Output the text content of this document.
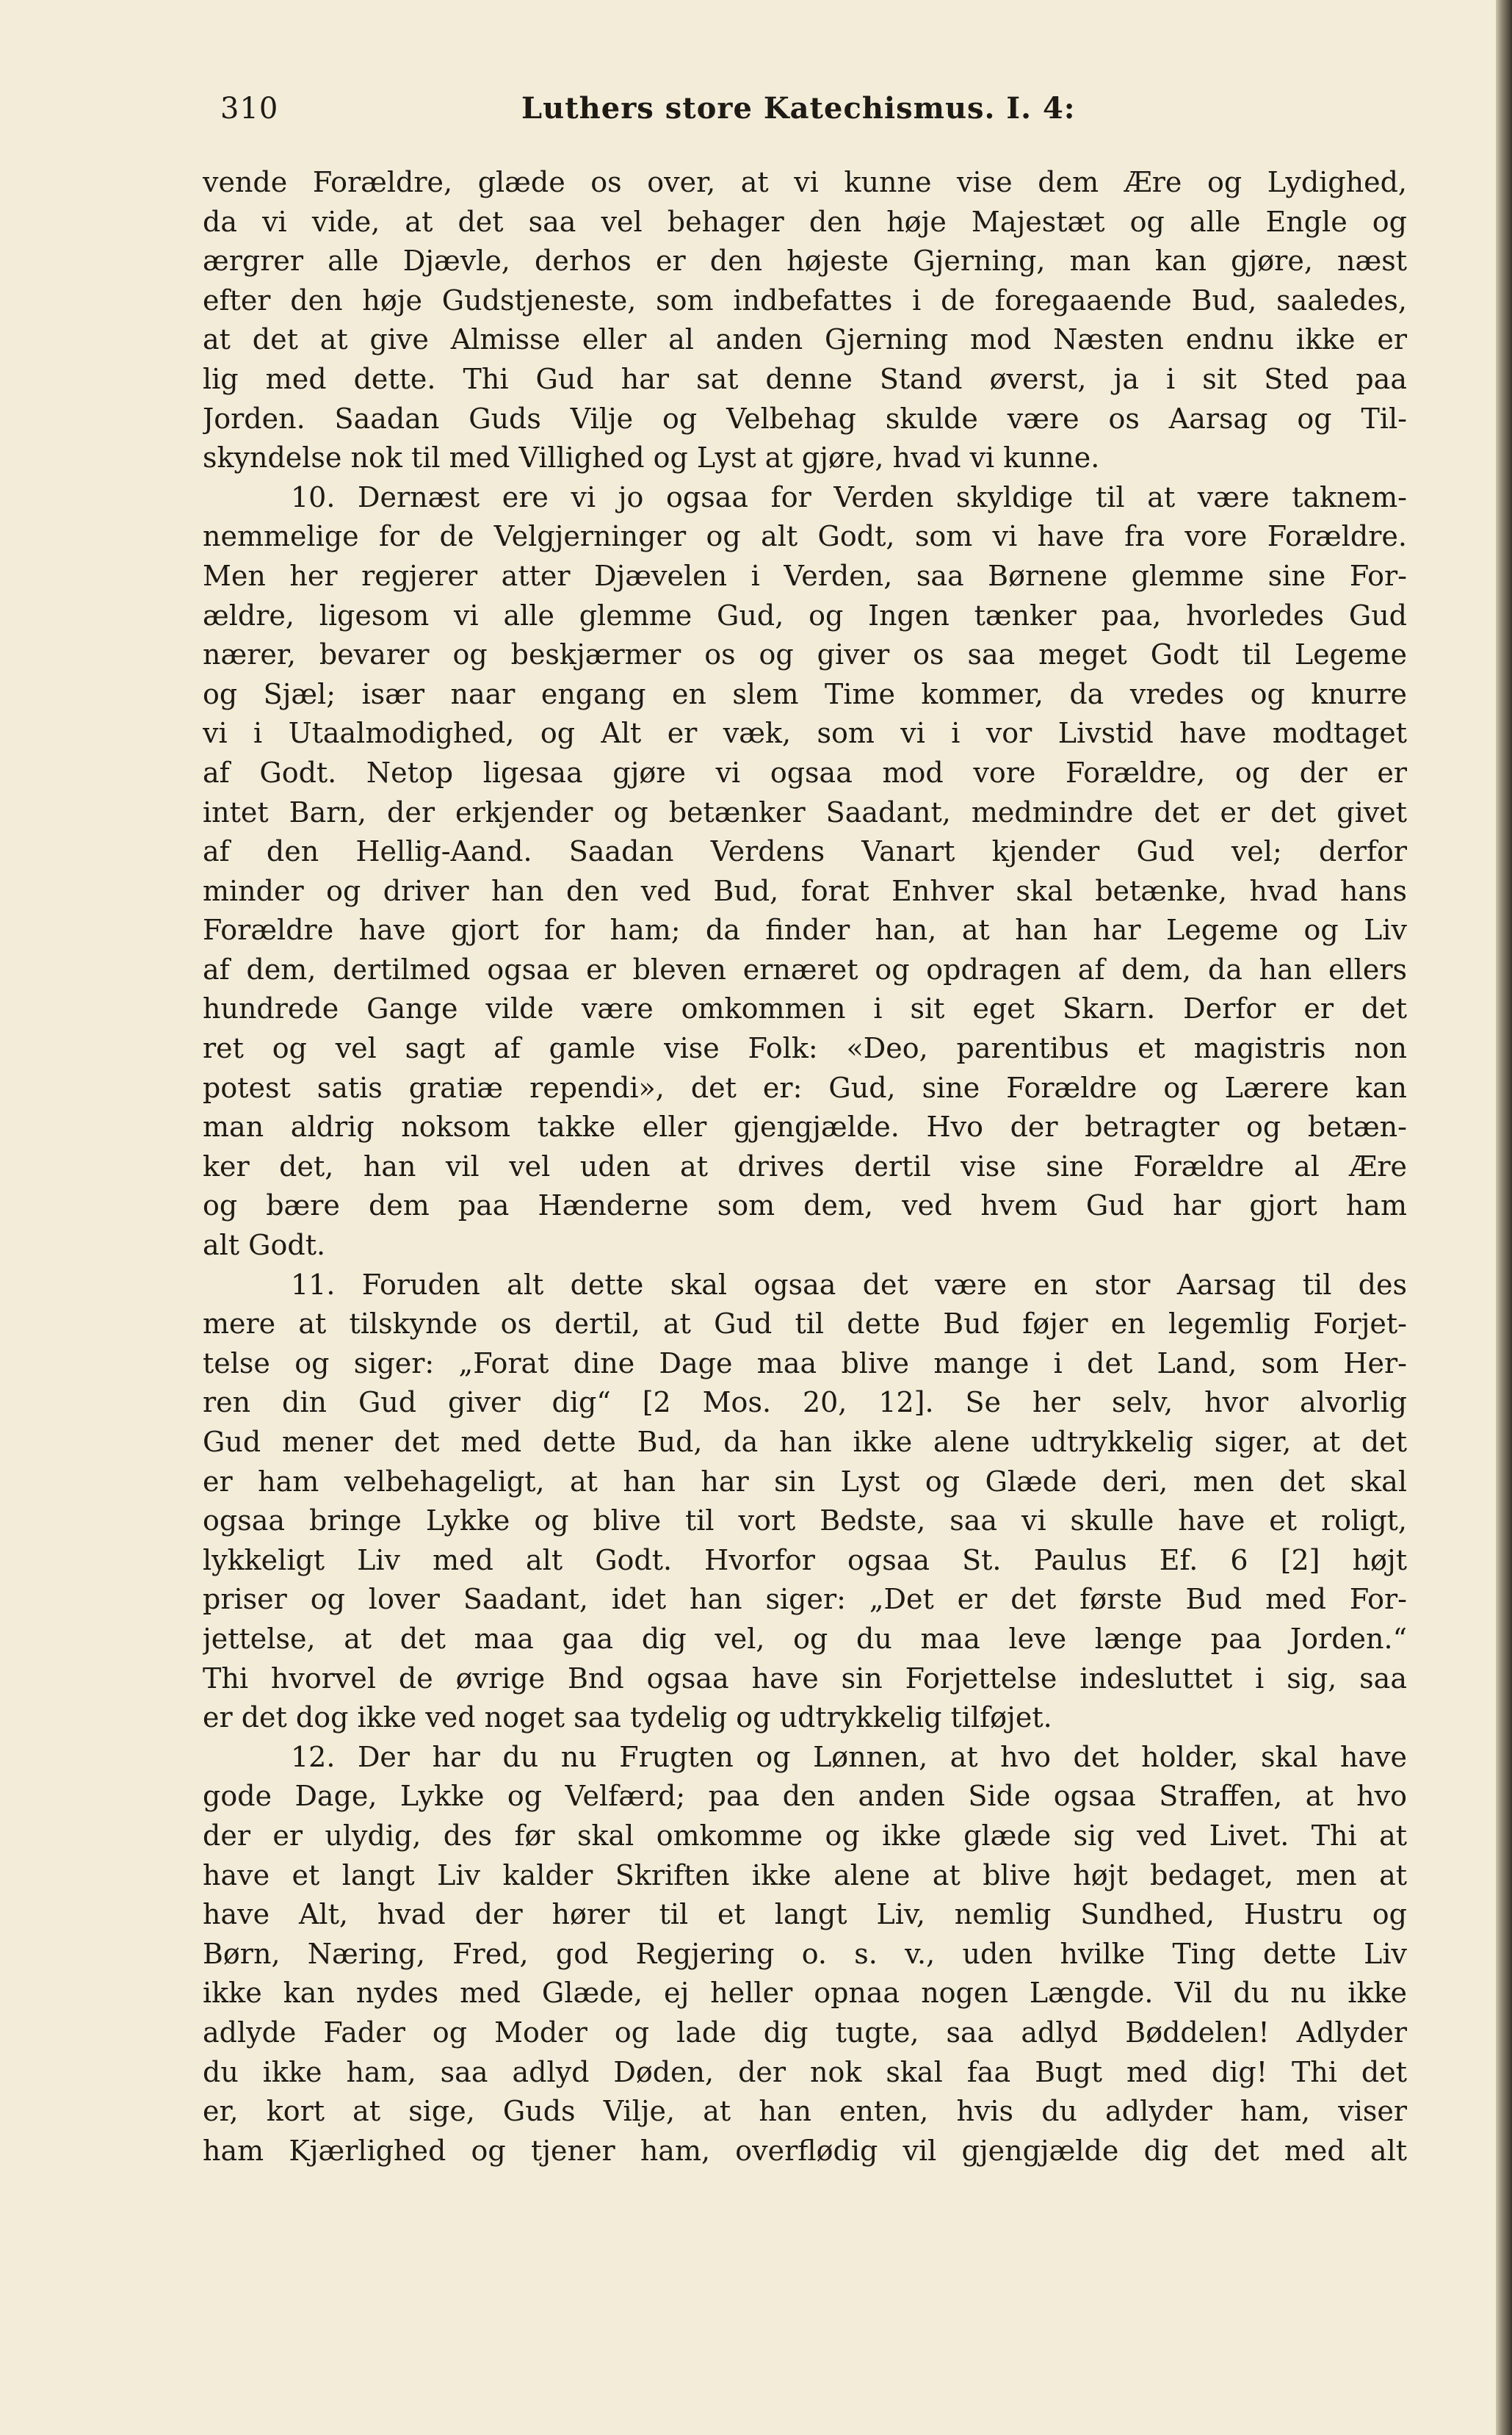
310	Luthers store Katechismus. I. 4:
vende Forældre, glæde os over, at vi kunne vise dem Ære og Lydighed,
da vi vide, at det saa vel behager den høje Majestæt og alle Engle og
ærgrer alle Djævle, derhos er den højeste Gjerning, man kan gjøre, næst
efter den høje Gudstjeneste, som indbefattes i de foregaaende Bud, saaledes,
at det at give Almisse eller al anden Gjerning mod Næsten endnu ikke er
lig med dette. Thi Gud har sat denne Stand øverst, ja i sit Sted paa
Jorden. Saadan Guds Vilje og Velbehag skulde være os Aarsag og Til-
skyndelse nok til med Villighed og Lyst at gjøre, hvad vi kunne.
10. Dernæst ere vi jo ogsaa for Verden skyldige til at være taknem-
nemmelige for de Velgjerninger og alt Godt, som vi have fra vore Forældre.
Men her regjerer atter Djævelen i Verden, saa Børnene glemme sine For-
ældre, ligesom vi alle glemme Gud, og Ingen tænker paa, hvorledes Gud
nærer, bevarer og beskjærmer os og giver os saa meget Godt til Legeme
og Sjæl; især naar engang en slem Time kommer, da vredes og knurre
vi i Utaalmodighed, og Alt er væk, som vi i vor Livstid have modtaget
af Godt. Netop ligesaa gjøre vi ogsaa mod vore Forældre, og der er
intet Barn, der erkjender og betænker Saadant, medmindre det er det givet
af den Hellig-Aand. Saadan Verdens Vanart kjender Gud vel; derfor
minder og driver han den ved Bud, forat Enhver skal betænke, hvad hans
Forældre have gjort for ham; da finder han, at han har Legeme og Liv
af dem, dertilmed ogsaa er bleven ernæret og opdragen af dem, da han ellers
hundrede Gange vilde være omkommen i sit eget Skarn. Derfor er det
ret og vel sagt af gamle vise Folk: «Deo, parentibus et magistris non
potest satis gratiæ rependi», det er: Gud, sine Forældre og Lærere kan
man aldrig noksom takke eller gjengjælde. Hvo der betragter og betæn-
ker det, han vil vel uden at drives dertil vise sine Forældre al Ære
og bære dem paa Hænderne som dem, ved hvem Gud har gjort ham
alt Godt.
11. Foruden alt dette skal ogsaa det være en stor Aarsag til des
mere at tilskynde os dertil, at Gud til dette Bud føjer en legemlig Forjet-
telse og siger: „Forat dine Dage maa blive mange i det Land, som Her-
ren din Gud giver dig“ [2 Mos. 20, 12]. Se her selv, hvor alvorlig
Gud mener det med dette Bud, da han ikke alene udtrykkelig siger, at det
er ham velbehageligt, at han har sin Lyst og Glæde deri, men det skal
ogsaa bringe Lykke og blive til vort Bedste, saa vi skulle have et roligt,
lykkeligt Liv med alt Godt. Hvorfor ogsaa St. Paulus Ef. 6 [2] højt
priser og lover Saadant, idet han siger: „Det er det første Bud med For-
jettelse, at det maa gaa dig vel, og du maa leve længe paa Jorden.“
Thi hvorvel de øvrige Bnd ogsaa have sin Forjettelse indesluttet i sig, saa
er det dog ikke ved noget saa tydelig og udtrykkelig tilføjet.
12. Der har du nu Frugten og Lønnen, at hvo det holder, skal have
gode Dage, Lykke og Velfærd; paa den anden Side ogsaa Straffen, at hvo
der er ulydig, des før skal omkomme og ikke glæde sig ved Livet. Thi at
have et langt Liv kalder Skriften ikke alene at blive højt bedaget, men at
have Alt, hvad der hører til et langt Liv, nemlig Sundhed, Hustru og
Børn, Næring, Fred, god Regjering o. s. v., uden hvilke Ting dette Liv
ikke kan nydes med Glæde, ej heller opnaa nogen Længde. Vil du nu ikke
adlyde Fader og Moder og lade dig tugte, saa adlyd Bøddelen! Adlyder
du ikke ham, saa adlyd Døden, der nok skal faa Bugt med dig! Thi det
er, kort at sige, Guds Vilje, at han enten, hvis du adlyder ham, viser
ham Kjærlighed og tjener ham, overflødig vil gjengjælde dig det med alt
